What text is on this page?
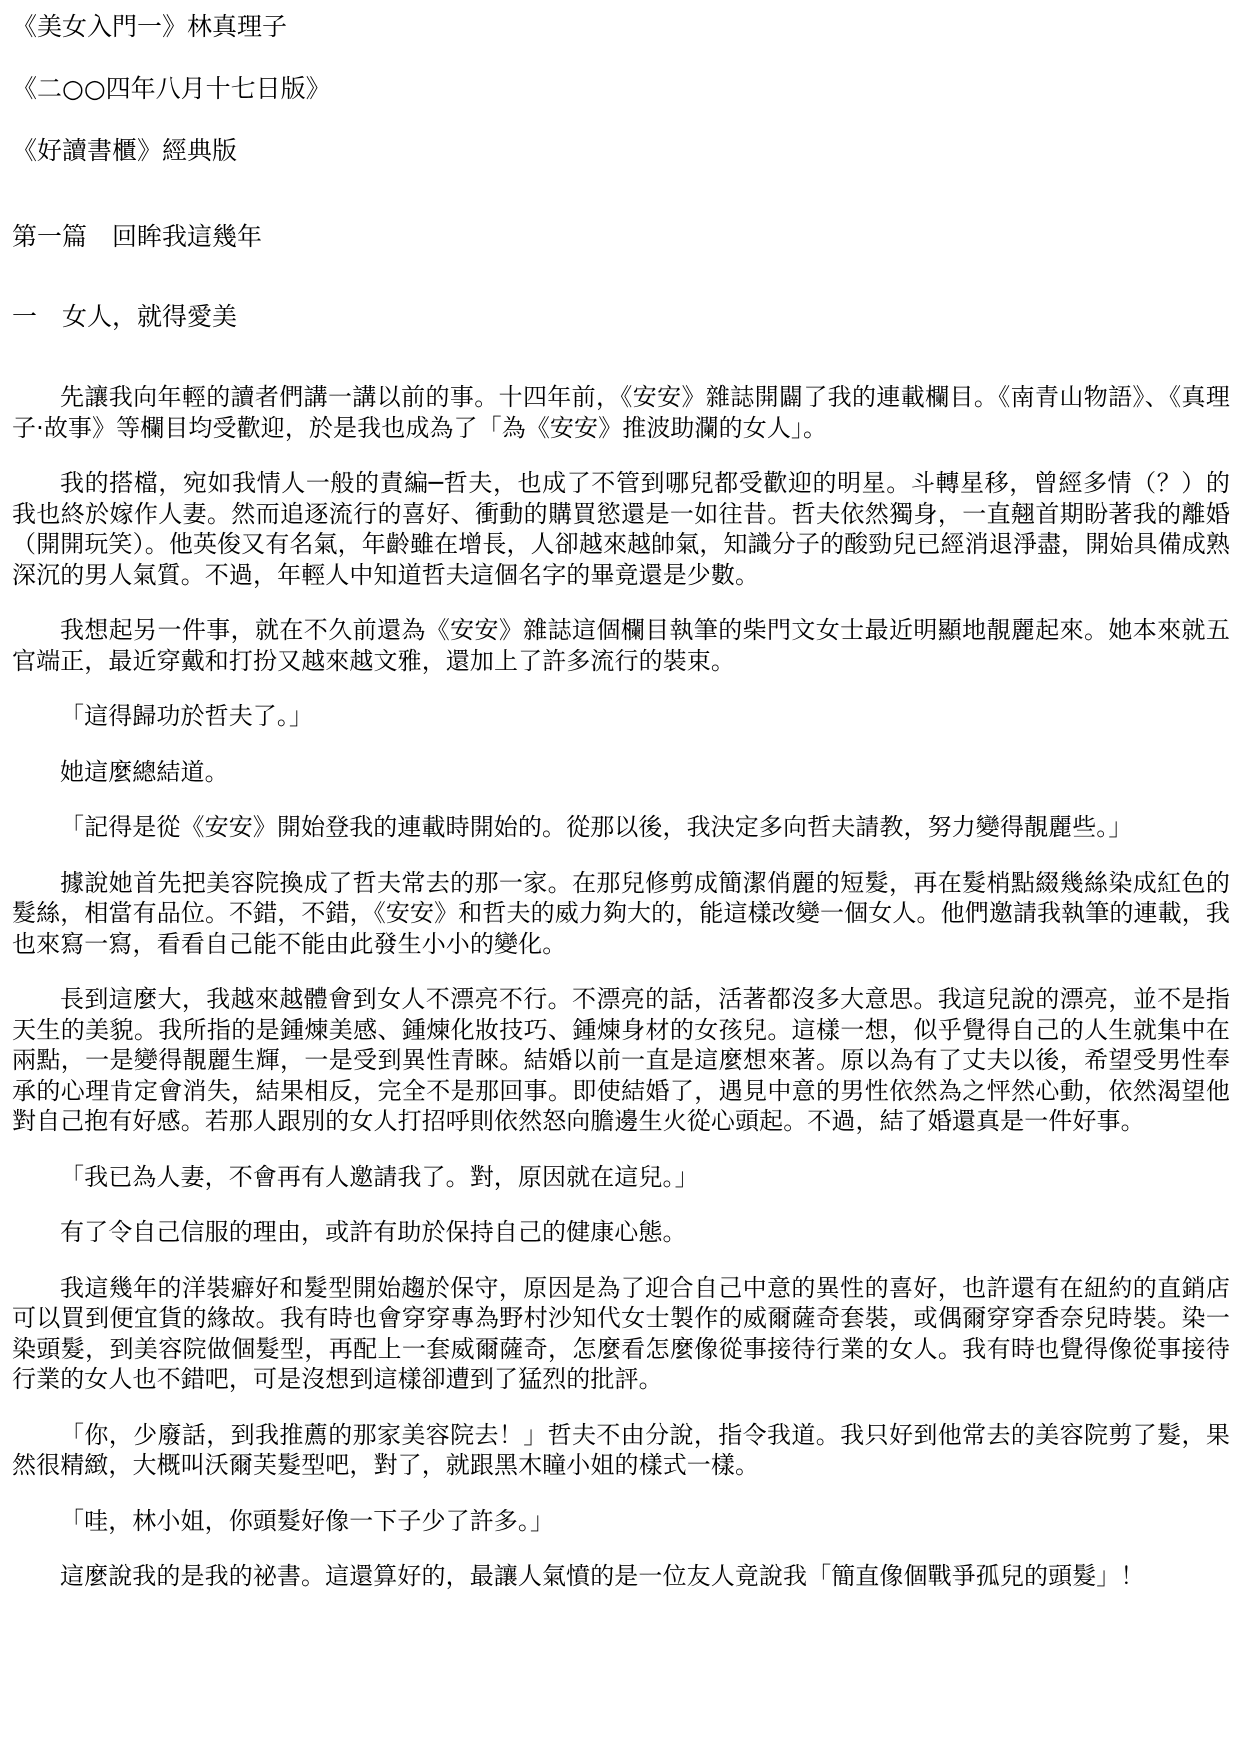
《美女入門一》林真理子
《二○○四年八月十七日版》
《好讀書櫃》經典版
第一篇　回眸我這幾年
一　女人，就得愛美

先讓我向年輕的讀者們講一講以前的事。十四年前，《安安》雜誌開闢了我的連載欄目。《南青山物語》、《真理子·故事》等欄目均受歡迎，於是我也成為了「為《安安》推波助瀾的女人」。

我的搭檔，宛如我情人一般的責編─哲夫，也成了不管到哪兒都受歡迎的明星。斗轉星移，曾經多情（？）的我也終於嫁作人妻。然而追逐流行的喜好、衝動的購買慾還是一如往昔。哲夫依然獨身，一直翹首期盼著我的離婚（開開玩笑）。他英俊又有名氣，年齡雖在增長，人卻越來越帥氣，知識分子的酸勁兒已經消退淨盡，開始具備成熟深沉的男人氣質。不過，年輕人中知道哲夫這個名字的畢竟還是少數。

我想起另一件事，就在不久前還為《安安》雜誌這個欄目執筆的柴門文女士最近明顯地靚麗起來。她本來就五官端正，最近穿戴和打扮又越來越文雅，還加上了許多流行的裝束。

「這得歸功於哲夫了。」

她這麼總結道。

「記得是從《安安》開始登我的連載時開始的。從那以後，我決定多向哲夫請教，努力變得靚麗些。」

據說她首先把美容院換成了哲夫常去的那一家。在那兒修剪成簡潔俏麗的短髮，再在髮梢點綴幾絲染成紅色的髮絲，相當有品位。不錯，不錯，《安安》和哲夫的威力夠大的，能這樣改變一個女人。他們邀請我執筆的連載，我也來寫一寫，看看自己能不能由此發生小小的變化。

長到這麼大，我越來越體會到女人不漂亮不行。不漂亮的話，活著都沒多大意思。我這兒說的漂亮，並不是指天生的美貌。我所指的是鍾煉美感、鍾煉化妝技巧、鍾煉身材的女孩兒。這樣一想，似乎覺得自己的人生就集中在兩點，一是變得靚麗生輝，一是受到異性青睞。結婚以前一直是這麼想來著。原以為有了丈夫以後，希望受男性奉承的心理肯定會消失，結果相反，完全不是那回事。即使結婚了，遇見中意的男性依然為之怦然心動，依然渴望他對自己抱有好感。若那人跟別的女人打招呼則依然怒向膽邊生火從心頭起。不過，結了婚還真是一件好事。

「我已為人妻，不會再有人邀請我了。對，原因就在這兒。」

有了令自己信服的理由，或許有助於保持自己的健康心態。

我這幾年的洋裝癖好和髮型開始趨於保守，原因是為了迎合自己中意的異性的喜好，也許還有在紐約的直銷店可以買到便宜貨的緣故。我有時也會穿穿專為野村沙知代女士製作的威爾薩奇套裝，或偶爾穿穿香奈兒時裝。染一染頭髮，到美容院做個髮型，再配上一套威爾薩奇，怎麼看怎麼像從事接待行業的女人。我有時也覺得像從事接待行業的女人也不錯吧，可是沒想到這樣卻遭到了猛烈的批評。

「你，少廢話，到我推薦的那家美容院去！」哲夫不由分說，指令我道。我只好到他常去的美容院剪了髮，果然很精緻，大概叫沃爾芙髮型吧，對了，就跟黑木瞳小姐的樣式一樣。

「哇，林小姐，你頭髮好像一下子少了許多。」

這麼說我的是我的祕書。這還算好的，最讓人氣憤的是一位友人竟說我「簡直像個戰爭孤兒的頭髮」！
